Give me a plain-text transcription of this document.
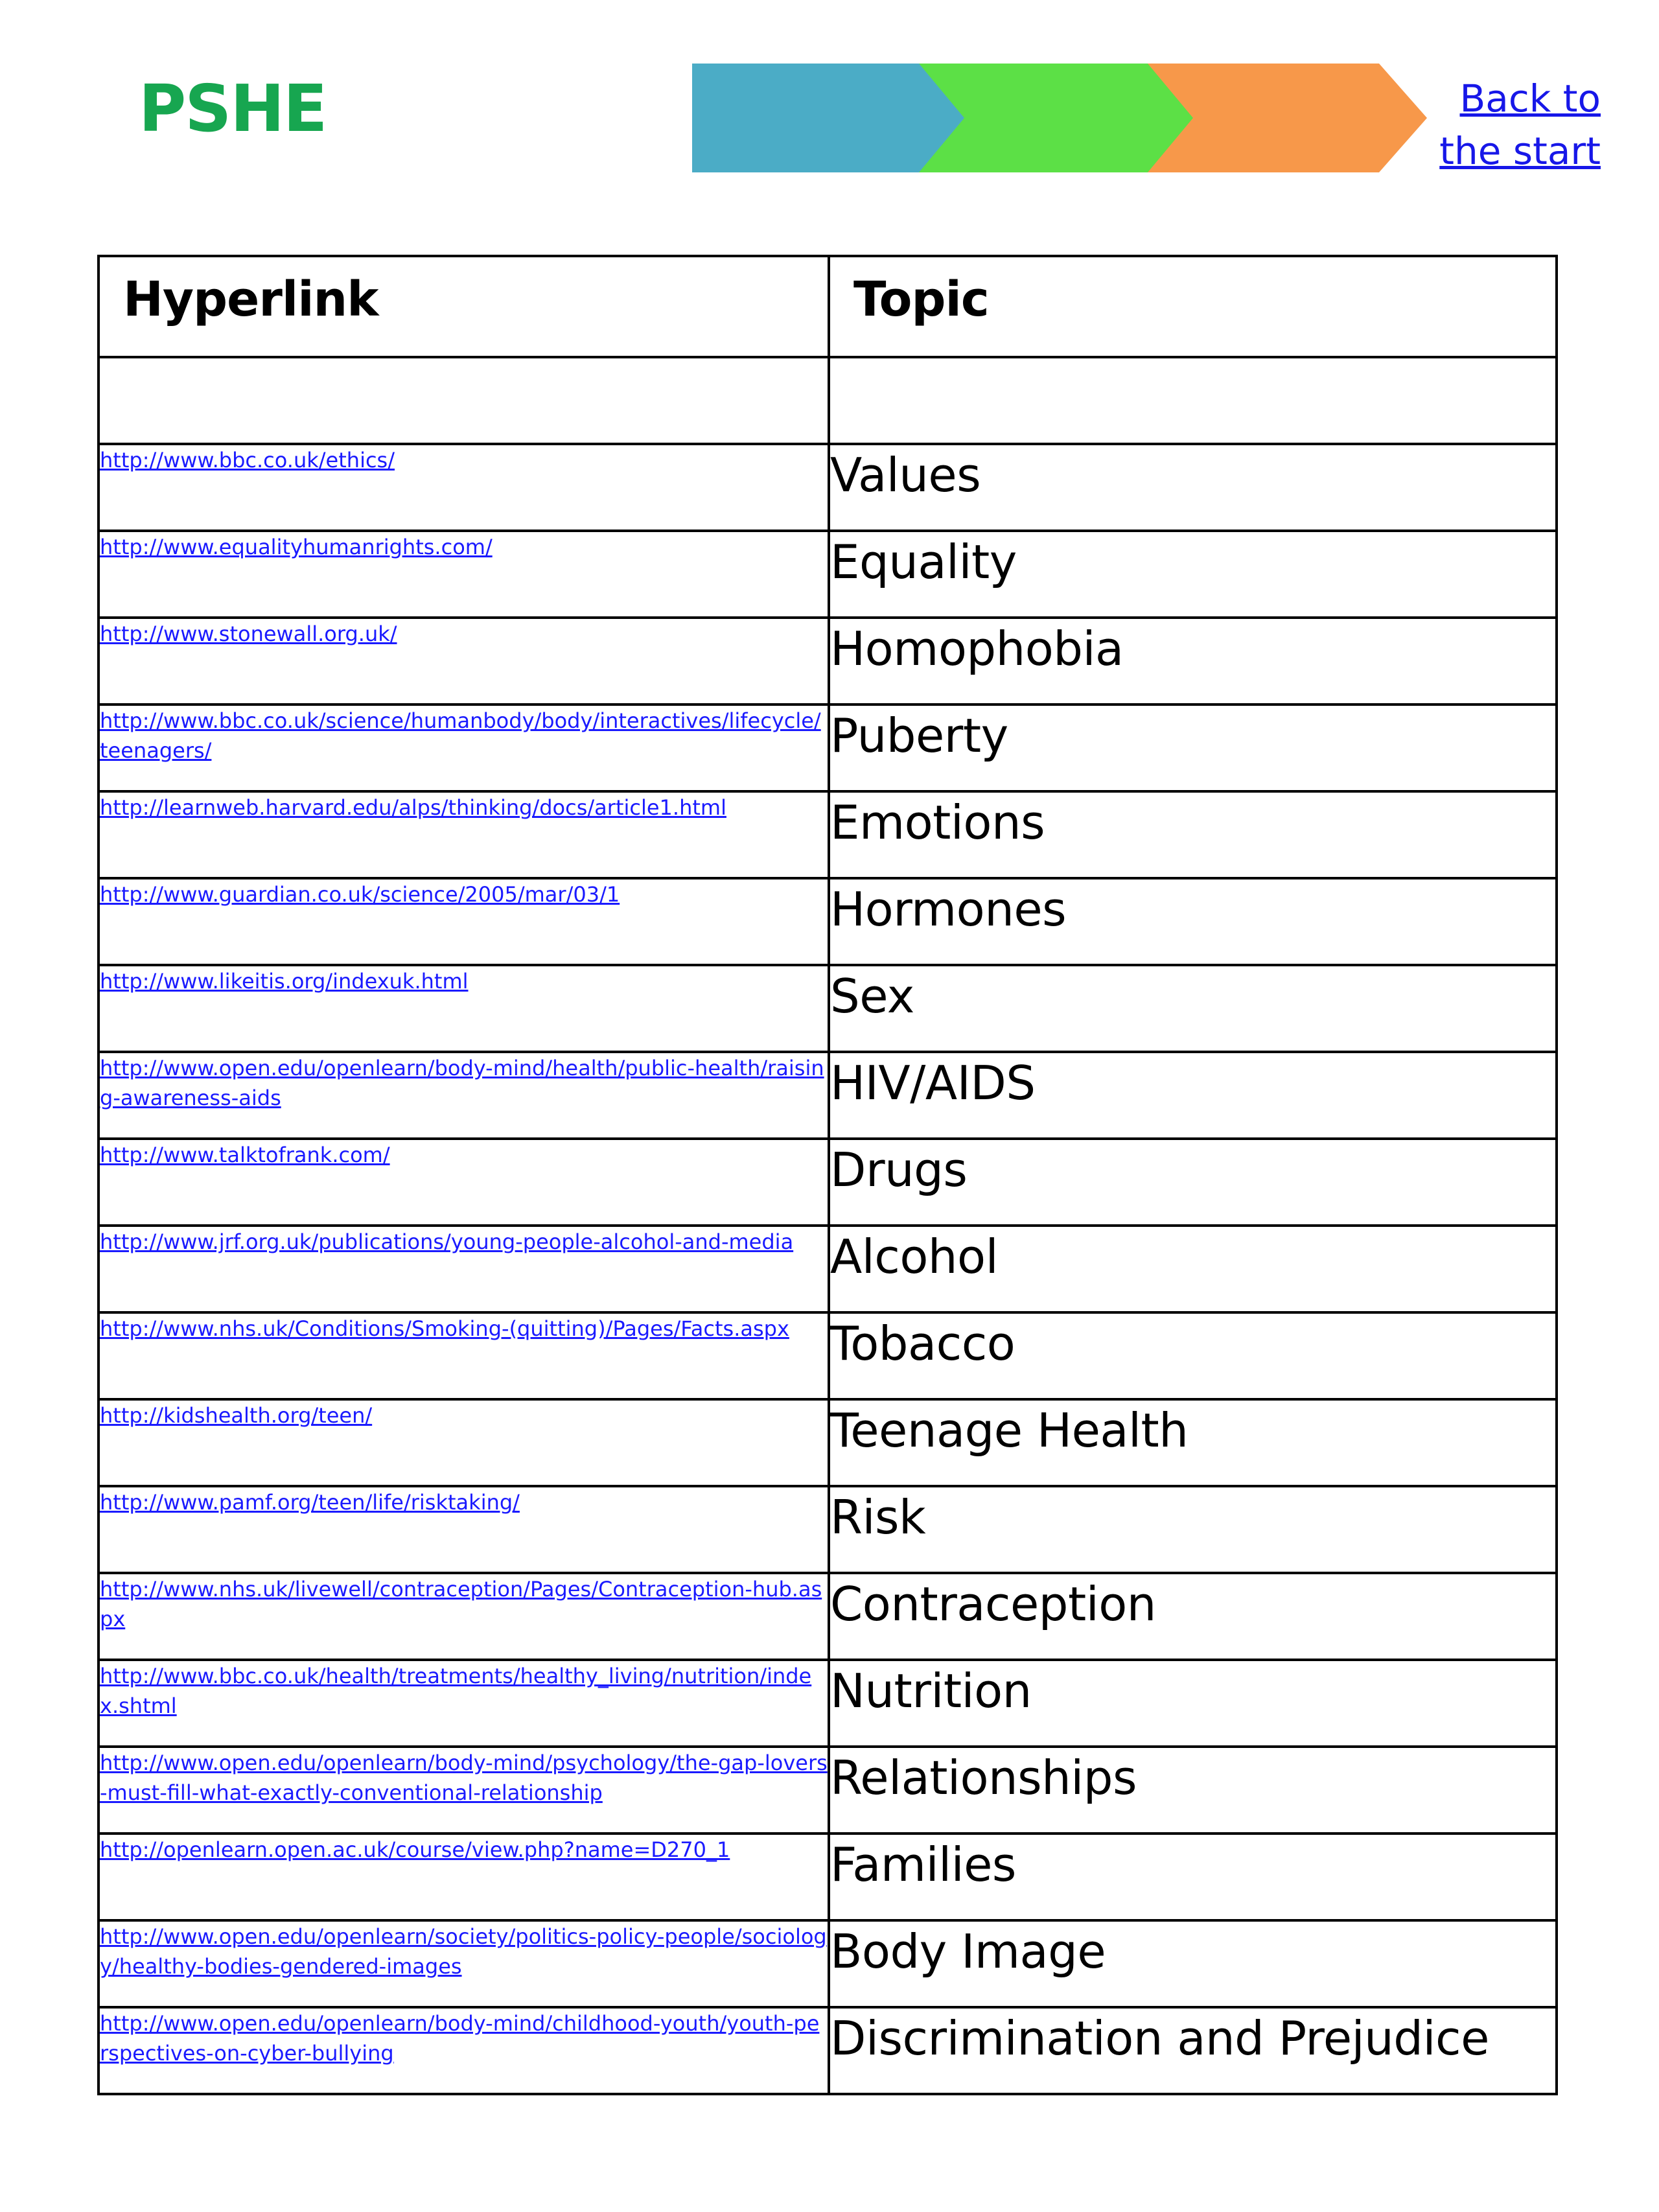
PSHE	Back to
the start
Hyperlink	Topic

http://www.bbc.co.uk/ethics/	Values

http://www.equalityhumanrights.com/	Equality

http://www.stonewall.org.uk/	Homophobia

http://www.bbc.co.uk/science/humanbody/body/interactives/lifecycle/teenagers/	Puberty

http://learnweb.harvard.edu/alps/thinking/docs/article1.html	Emotions

http://www.guardian.co.uk/science/2005/mar/03/1	Hormones

http://www.likeitis.org/indexuk.html	Sex

http://www.open.edu/openlearn/body-mind/health/public-health/raising-awareness-aids	HIV/AIDS

http://www.talktofrank.com/	Drugs

http://www.jrf.org.uk/publications/young-people-alcohol-and-media	Alcohol

http://www.nhs.uk/Conditions/Smoking-(quitting)/Pages/Facts.aspx	Tobacco

http://kidshealth.org/teen/	Teenage Health

http://www.pamf.org/teen/life/risktaking/	Risk

http://www.nhs.uk/livewell/contraception/Pages/Contraception-hub.aspx	Contraception

http://www.bbc.co.uk/health/treatments/healthy_living/nutrition/index.shtml	Nutrition

http://www.open.edu/openlearn/body-mind/psychology/the-gap-lovers-must-fill-what-exactly-conventional-relationship	Relationships

http://openlearn.open.ac.uk/course/view.php?name=D270_1	Families

http://www.open.edu/openlearn/society/politics-policy-people/sociology/healthy-bodies-gendered-images	Body Image

http://www.open.edu/openlearn/body-mind/childhood-youth/youth-perspectives-on-cyber-bullying	Discrimination and Prejudice
